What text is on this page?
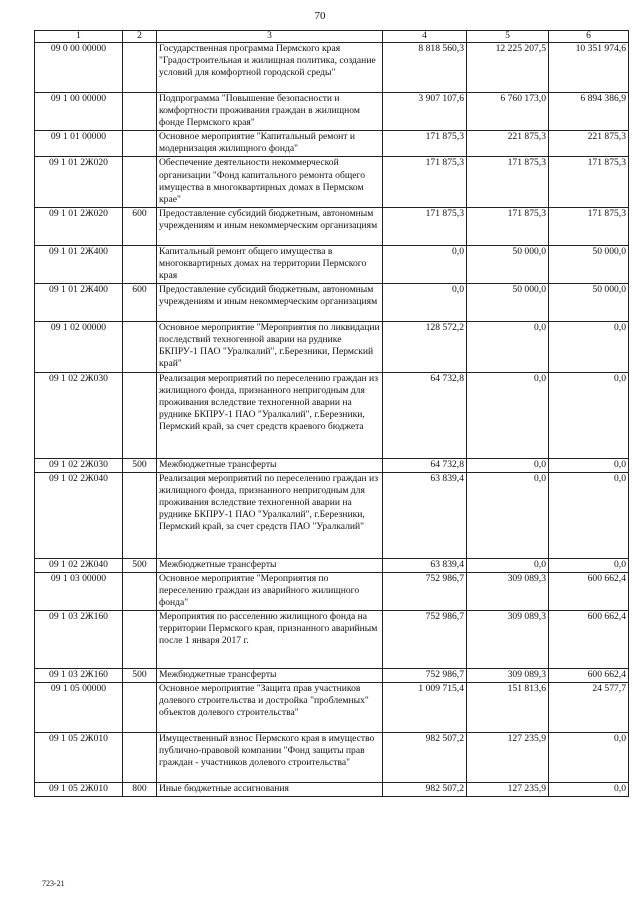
70
1	2	3	4	5	6
09 0 00 00000		Государственная программа Пермского края "Градостроительная и жилищная политика, создание условий для комфортной городской среды"	8 818 560,3	12 225 207,5	10 351 974,6
09 1 00 00000		Подпрограмма "Повышение безопасности и комфортности проживания граждан в жилищном фонде Пермского края"	3 907 107,6	6 760 173,0	6 894 386,9
09 1 01 00000		Основное мероприятие "Капитальный ремонт и модернизация жилищного фонда"	171 875,3	221 875,3	221 875,3
09 1 01 2Ж020		Обеспечение деятельности некоммерческой организации "Фонд капитального ремонта общего имущества в многоквартирных домах в Пермском крае"	171 875,3	171 875,3	171 875,3
09 1 01 2Ж020	600	Предоставление субсидий бюджетным, автономным учреждениям и иным некоммерческим организациям	171 875,3	171 875,3	171 875,3
09 1 01 2Ж400		Капитальный ремонт общего имущества в многоквартирных домах на территории Пермского края	0,0	50 000,0	50 000,0
09 1 01 2Ж400	600	Предоставление субсидий бюджетным, автономным учреждениям и иным некоммерческим организациям	0,0	50 000,0	50 000,0
09 1 02 00000		Основное мероприятие "Мероприятия по ликвидации последствий техногенной аварии на руднике БКПРУ-1 ПАО "Уралкалий", г.Березники, Пермский край"	128 572,2	0,0	0,0
09 1 02 2Ж030		Реализация мероприятий по переселению граждан из жилищного фонда, признанного непригодным для проживания вследствие техногенной аварии на руднике БКПРУ-1 ПАО "Уралкалий", г.Березники, Пермский край, за счет средств краевого бюджета	64 732,8	0,0	0,0
09 1 02 2Ж030	500	Межбюджетные трансферты	64 732,8	0,0	0,0
09 1 02 2Ж040		Реализация мероприятий по переселению граждан из жилищного фонда, признанного непригодным для проживания вследствие техногенной аварии на руднике БКПРУ-1 ПАО "Уралкалий", г.Березники, Пермский край, за счет средств ПАО "Уралкалий"	63 839,4	0,0	0,0
09 1 02 2Ж040	500	Межбюджетные трансферты	63 839,4	0,0	0,0
09 1 03 00000		Основное мероприятие "Мероприятия по переселению граждан из аварийного жилищного фонда"	752 986,7	309 089,3	600 662,4
09 1 03 2Ж160		Мероприятия по расселению жилищного фонда на территории Пермского края, признанного аварийным после 1 января 2017 г.	752 986,7	309 089,3	600 662,4
09 1 03 2Ж160	500	Межбюджетные трансферты	752 986,7	309 089,3	600 662,4
09 1 05 00000		Основное мероприятие "Защита прав участников долевого строительства и достройка "проблемных" объектов долевого строительства"	1 009 715,4	151 813,6	24 577,7
09 1 05 2Ж010		Имущественный взнос Пермского края в имущество публично-правовой компании "Фонд защиты прав граждан - участников долевого строительства"	982 507,2	127 235,9	0,0
09 1 05 2Ж010	800	Иные бюджетные ассигнования	982 507,2	127 235,9	0,0
723-21
